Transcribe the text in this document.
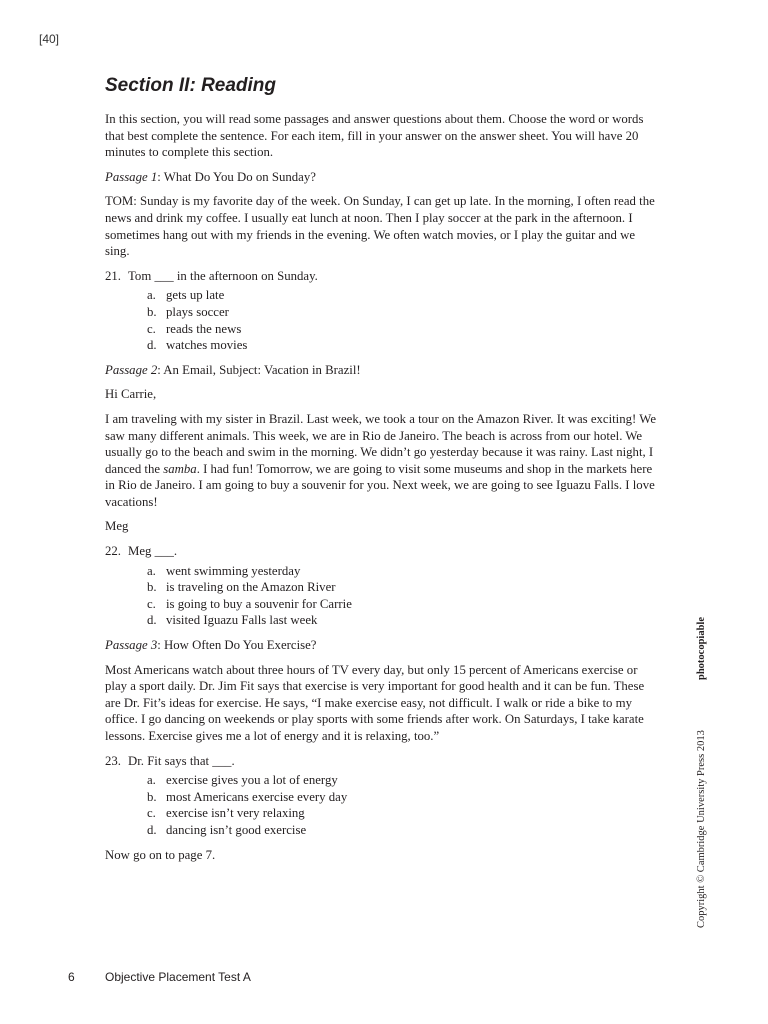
[40]
Section II: Reading

In this section, you will read some passages and answer questions about them. Choose the word or words that best complete the sentence. For each item, fill in your answer on the answer sheet. You will have 20 minutes to complete this section.

Passage 1: What Do You Do on Sunday?

TOM: Sunday is my favorite day of the week. On Sunday, I can get up late. In the morning, I often read the news and drink my coffee. I usually eat lunch at noon. Then I play soccer at the park in the afternoon. I sometimes hang out with my friends in the evening. We often watch movies, or I play the guitar and we sing.

21. Tom ___ in the afternoon on Sunday.
a. gets up late
b. plays soccer
c. reads the news
d. watches movies

Passage 2: An Email, Subject: Vacation in Brazil!

Hi Carrie,

I am traveling with my sister in Brazil. Last week, we took a tour on the Amazon River. It was exciting! We saw many different animals. This week, we are in Rio de Janeiro. The beach is across from our hotel. We usually go to the beach and swim in the morning. We didn’t go yesterday because it was rainy. Last night, I danced the samba. I had fun! Tomorrow, we are going to visit some museums and shop in the markets here in Rio de Janeiro. I am going to buy a souvenir for you. Next week, we are going to see Iguazu Falls. I love vacations!

Meg

22. Meg ___.
a. went swimming yesterday
b. is traveling on the Amazon River
c. is going to buy a souvenir for Carrie
d. visited Iguazu Falls last week

Passage 3: How Often Do You Exercise?

Most Americans watch about three hours of TV every day, but only 15 percent of Americans exercise or play a sport daily. Dr. Jim Fit says that exercise is very important for good health and it can be fun. These are Dr. Fit’s ideas for exercise. He says, “I make exercise easy, not difficult. I walk or ride a bike to my office. I go dancing on weekends or play sports with some friends after work. On Saturdays, I take karate lessons. Exercise gives me a lot of energy and it is relaxing, too.”

23. Dr. Fit says that ___.
a. exercise gives you a lot of energy
b. most Americans exercise every day
c. exercise isn’t very relaxing
d. dancing isn’t good exercise

Now go on to page 7.

photocopiable
Copyright © Cambridge University Press 2013
6	Objective Placement Test A
